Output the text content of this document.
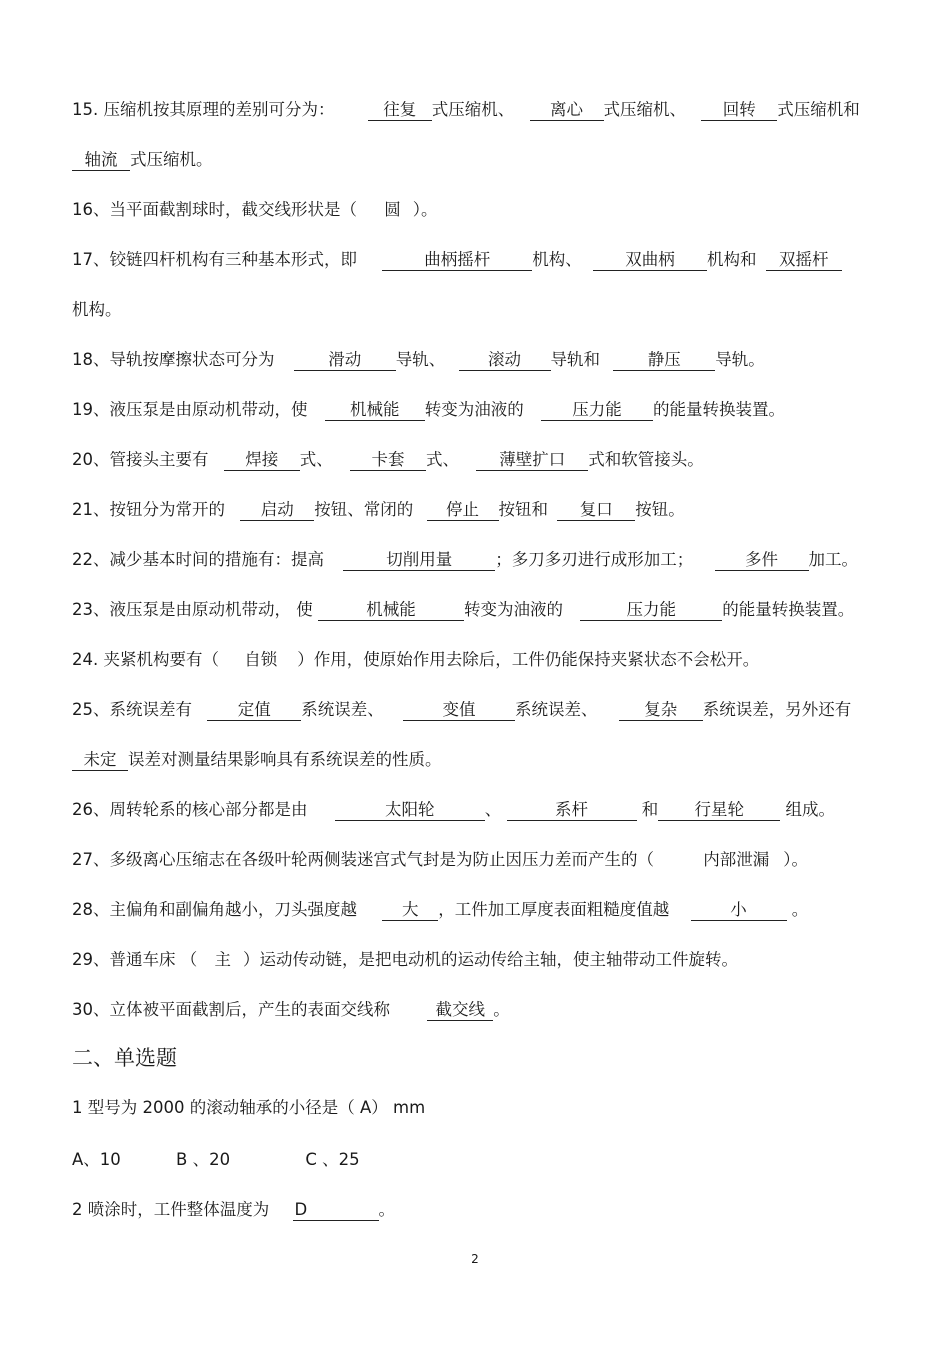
15. 压缩机按其原理的差别可分为：	往复 式压缩机、 离心 式压缩机、 回转 式压缩机和
轴流 式压缩机。
16、当平面截割球时，截交线形状是（ 圆 ）。
17、铰链四杆机构有三种基本形式，即	曲柄摇杆	机构、	双曲柄 机构和 双摇杆
机构。
18、导轨按摩擦状态可分为	滑动 导轨、	滚动 导轨和	静压 导轨。
19、液压泵是由原动机带动，使	机械能 转变为油液的	压力能 的能量转换装置。
20、管接头主要有 焊接 式、 卡套 式、 薄壁扩口 式和软管接头。
21、按钮分为常开的 启动 按钮、常闭的 停止 按钮和 复口 按钮。
22、减少基本时间的措施有：提高	切削用量	；多刀多刃进行成形加工；	多件 加工。
23、液压泵是由原动机带动， 使	机械能	转变为油液的	压力能	的能量转换装置。
24. 夹紧机构要有（ 自锁 ）作用，使原始作用去除后，工件仍能保持夹紧状态不会松开。
25、系统误差有	定值 系统误差、	变值 系统误差、	复杂 系统误差，另外还有
未定 误差对测量结果影响具有系统误差的性质。
26、周转轮系的核心部分都是由	太阳轮	、	系杆	和 行星轮	组成。
27、多级离心压缩志在各级叶轮两侧装迷宫式气封是为防止因压力差而产生的（	内部泄漏 ）。
28、主偏角和副偏角越小，刀头强度越	大 ，工件加工厚度表面粗糙度值越	小	。
29、普通车床 （ 主 ）运动传动链，是把电动机的运动传给主轴，使主轴带动工件旋转。
30、立体被平面截割后，产生的表面交线称	截交线 。
二、单选题
1 型号为 2000 的滚动轴承的小径是（ A） mm
A、10	B 、20	C 、25
2 喷涂时，工件整体温度为 D	。
2
